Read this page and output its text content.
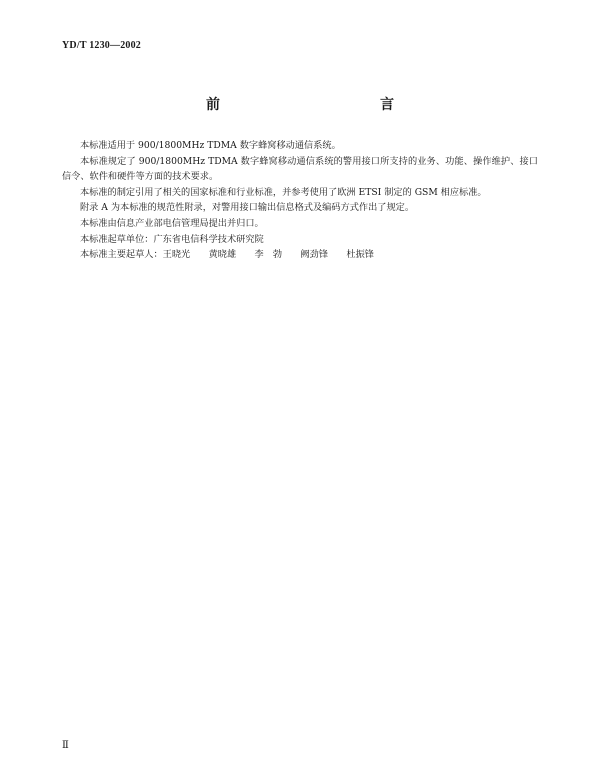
YD/T 1230—2002
前　　言

本标准适用于 900/1800MHz TDMA 数字蜂窝移动通信系统。

本标准规定了 900/1800MHz TDMA 数字蜂窝移动通信系统的警用接口所支持的业务、功能、操作维护、接口信令、软件和硬件等方面的技术要求。

本标准的制定引用了相关的国家标准和行业标准，并参考使用了欧洲 ETSI 制定的 GSM 相应标准。

附录 A 为本标准的规范性附录，对警用接口输出信息格式及编码方式作出了规定。

本标准由信息产业部电信管理局提出并归口。

本标准起草单位：广东省电信科学技术研究院

本标准主要起草人：王晓光　　黄晓雄　　李　勃　　阙劲锋　　杜振锋

Ⅱ
